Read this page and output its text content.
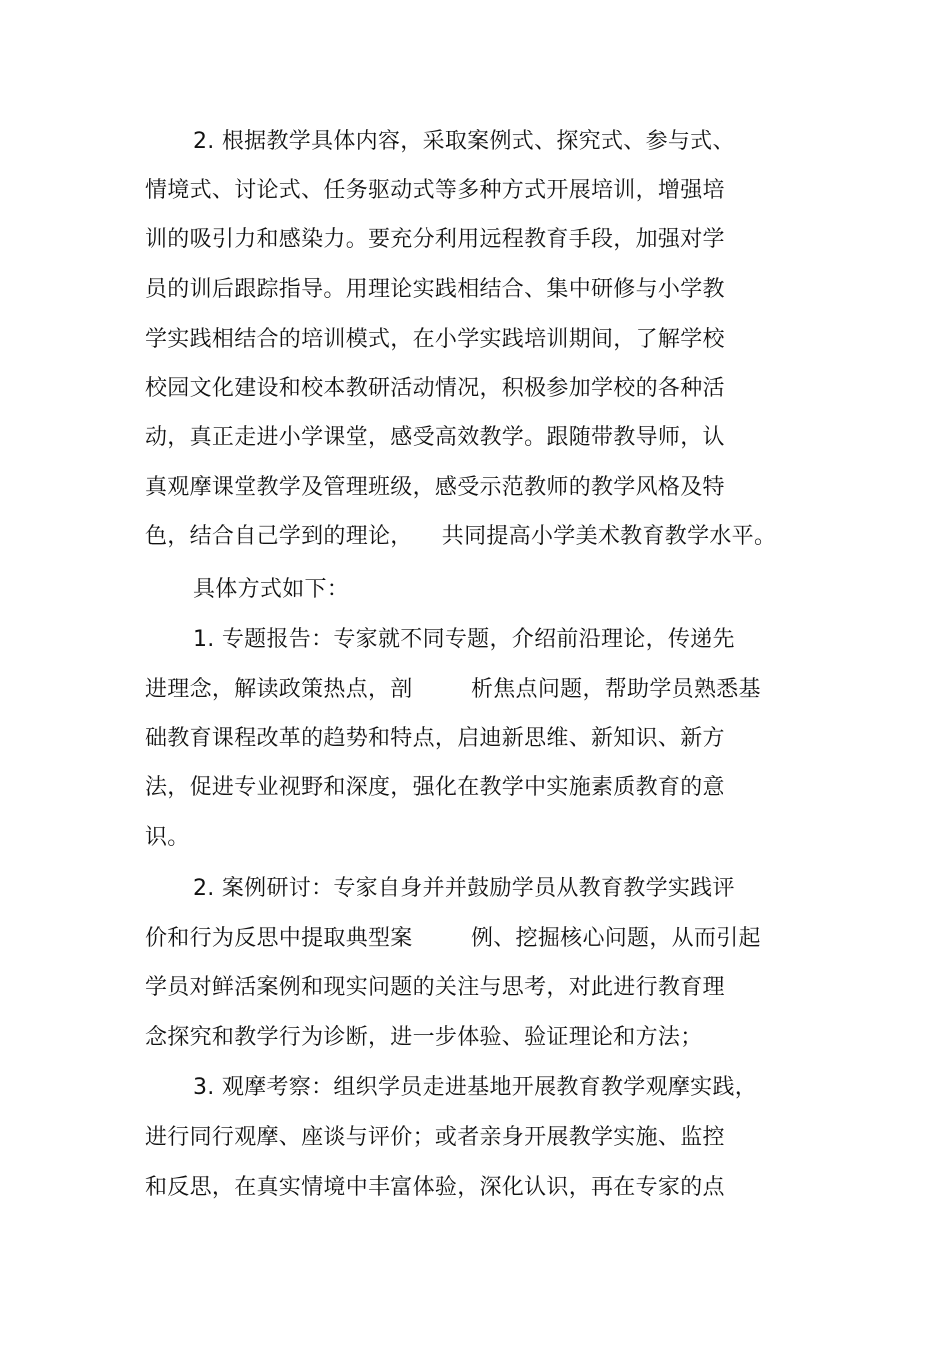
2. 根据教学具体内容，采取案例式、探究式、参与式、
情境式、讨论式、任务驱动式等多种方式开展培训，增强培
训的吸引力和感染力。要充分利用远程教育手段，加强对学
员的训后跟踪指导。用理论实践相结合、集中研修与小学教
学实践相结合的培训模式，在小学实践培训期间，了解学校
校园文化建设和校本教研活动情况，积极参加学校的各种活
动，真正走进小学课堂，感受高效教学。跟随带教导师，认
真观摩课堂教学及管理班级，感受示范教师的教学风格及特
色，结合自己学到的理论，    共同提高小学美术教育教学水平。
具体方式如下：
1. 专题报告：专家就不同专题，介绍前沿理论，传递先
进理念，解读政策热点，剖        析焦点问题，帮助学员熟悉基
础教育课程改革的趋势和特点，启迪新思维、新知识、新方
法，促进专业视野和深度，强化在教学中实施素质教育的意
识。
2. 案例研讨：专家自身并并鼓励学员从教育教学实践评
价和行为反思中提取典型案        例、挖掘核心问题，从而引起
学员对鲜活案例和现实问题的关注与思考，对此进行教育理
念探究和教学行为诊断，进一步体验、验证理论和方法；
3. 观摩考察：组织学员走进基地开展教育教学观摩实践，
进行同行观摩、座谈与评价；或者亲身开展教学实施、监控
和反思，在真实情境中丰富体验，深化认识，再在专家的点
